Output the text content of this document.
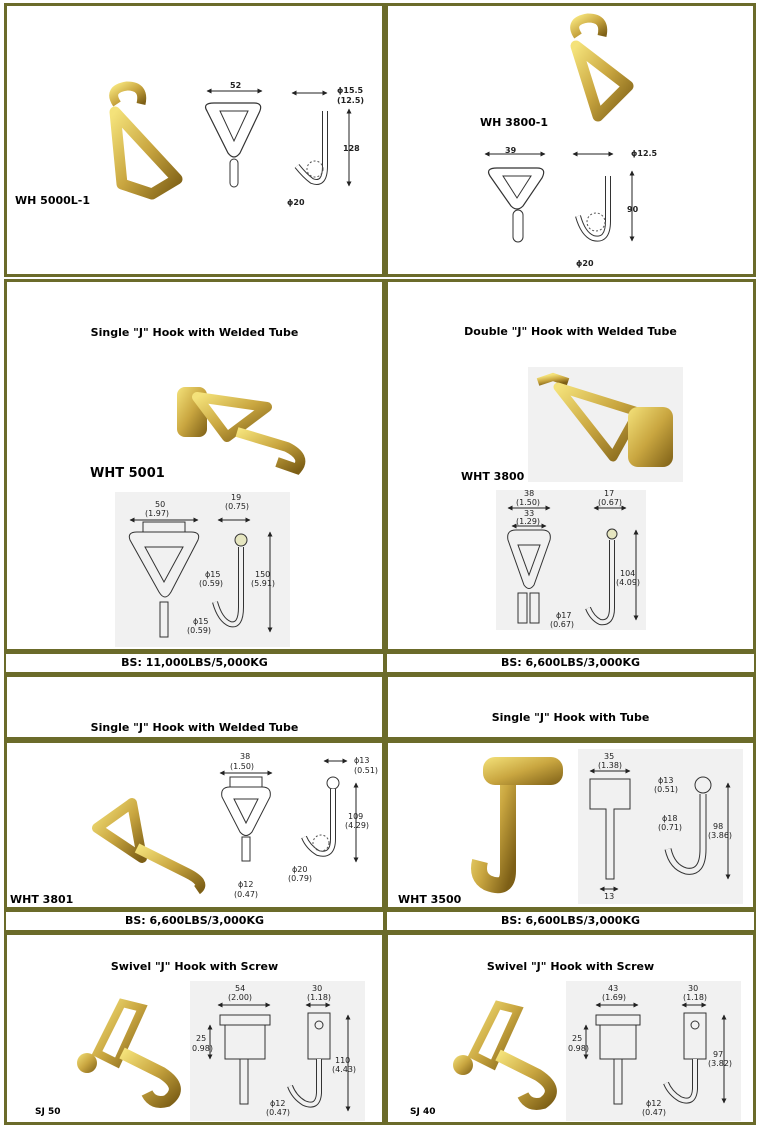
WH 5000L-1
52
ϕ15.5
(12.5)
128
ϕ20
WH 3800-1
39	ϕ12.5
90
ϕ20
Single "J" Hook with Welded Tube
WHT 5001
50
(1.97)
ϕ15
(0.59)
19
(0.75)
ϕ15
(0.59)
150
(5.91)
Double "J" Hook with Welded Tube
WHT 3800
38
(1.50)
33
(1.29)
17
(0.67)
ϕ17
(0.67)
104
(4.09)
BS: 11,000LBS/5,000KG	BS: 6,600LBS/3,000KG
Single "J" Hook with Welded Tube
Single "J" Hook with Tube
WHT 3801
38
(1.50)
ϕ12
(0.47)
ϕ13
(0.51)
ϕ20
(0.79)
109
(4.29)
WHT 3500
35
(1.38)
13
ϕ13
(0.51)
ϕ18
(0.71)	98
(3.86)
BS: 6,600LBS/3,000KG	BS: 6,600LBS/3,000KG
Swivel "J" Hook with Screw
SJ 50
54
(2.00)
25
0.98)
30
(1.18)
ϕ12
(0.47)
110
(4.43)
Swivel "J" Hook with Screw
SJ 40
43
(1.69)
25
0.98)
30
(1.18)
ϕ12
(0.47)
97
(3.82)
